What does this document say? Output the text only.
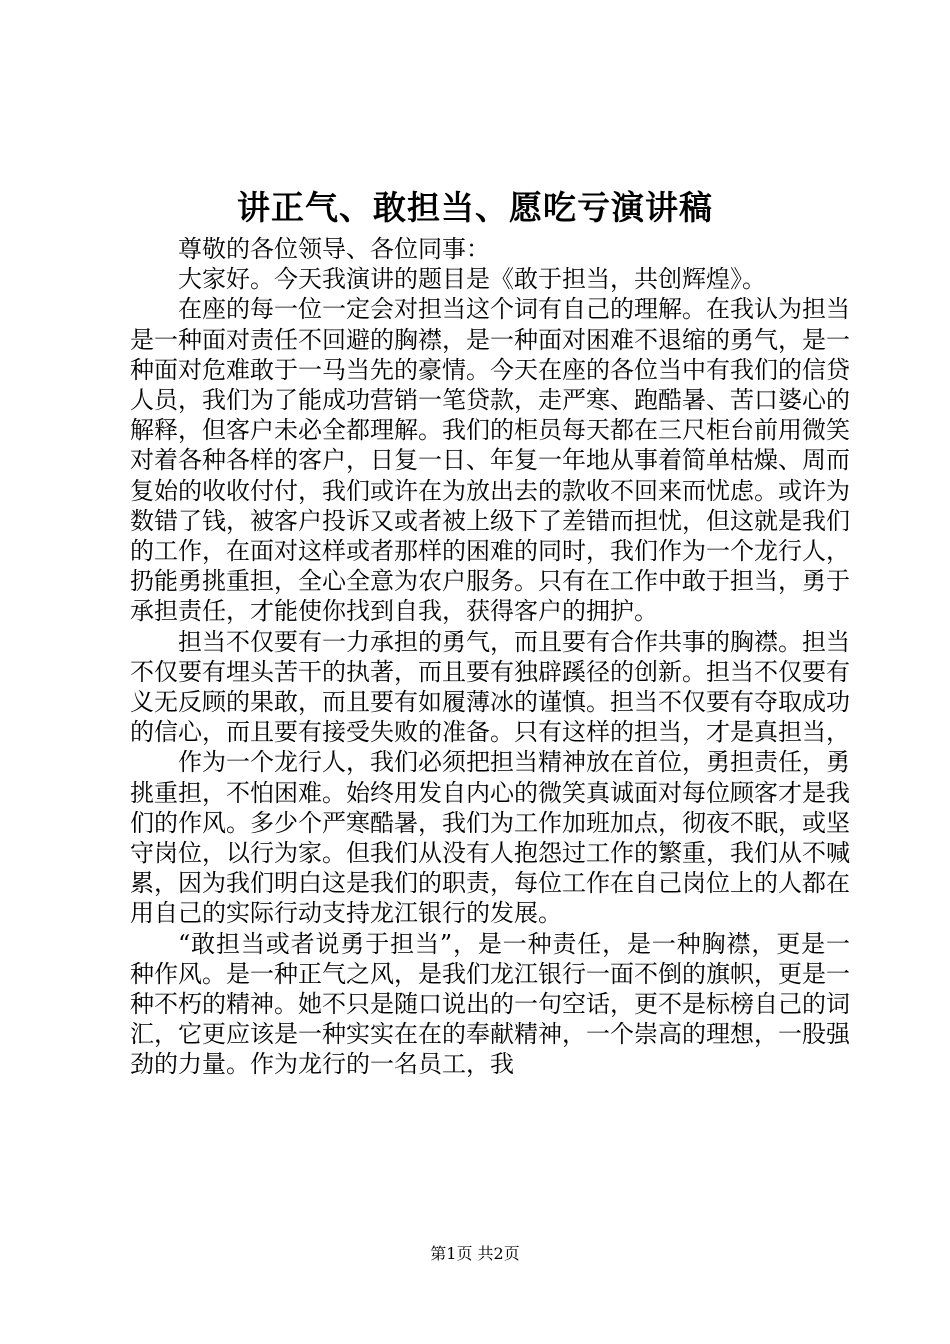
讲正气、敢担当、愿吃亏演讲稿

尊敬的各位领导、各位同事：

大家好。今天我演讲的题目是《敢于担当，共创辉煌》。

在座的每一位一定会对担当这个词有自己的理解。在我认为担当是一种面对责任不回避的胸襟，是一种面对困难不退缩的勇气，是一种面对危难敢于一马当先的豪情。今天在座的各位当中有我们的信贷人员，我们为了能成功营销一笔贷款，走严寒、跑酷暑、苦口婆心的解释，但客户未必全都理解。我们的柜员每天都在三尺柜台前用微笑对着各种各样的客户，日复一日、年复一年地从事着简单枯燥、周而复始的收收付付，我们或许在为放出去的款收不回来而忧虑。或许为数错了钱，被客户投诉又或者被上级下了差错而担忧，但这就是我们的工作，在面对这样或者那样的困难的同时，我们作为一个龙行人，扔能勇挑重担，全心全意为农户服务。只有在工作中敢于担当，勇于承担责任，才能使你找到自我，获得客户的拥护。

担当不仅要有一力承担的勇气，而且要有合作共事的胸襟。担当不仅要有埋头苦干的执著，而且要有独辟蹊径的创新。担当不仅要有义无反顾的果敢，而且要有如履薄冰的谨慎。担当不仅要有夺取成功的信心，而且要有接受失败的准备。只有这样的担当，才是真担当，

作为一个龙行人，我们必须把担当精神放在首位，勇担责任，勇挑重担，不怕困难。始终用发自内心的微笑真诚面对每位顾客才是我们的作风。多少个严寒酷暑，我们为工作加班加点，彻夜不眠，或坚守岗位，以行为家。但我们从没有人抱怨过工作的繁重，我们从不喊累，因为我们明白这是我们的职责，每位工作在自己岗位上的人都在用自己的实际行动支持龙江银行的发展。

“敢担当或者说勇于担当”，是一种责任，是一种胸襟，更是一种作风。是一种正气之风，是我们龙江银行一面不倒的旗帜，更是一种不朽的精神。她不只是随口说出的一句空话，更不是标榜自己的词汇，它更应该是一种实实在在的奉献精神，一个崇高的理想，一股强劲的力量。作为龙行的一名员工，我

第1页 共2页
